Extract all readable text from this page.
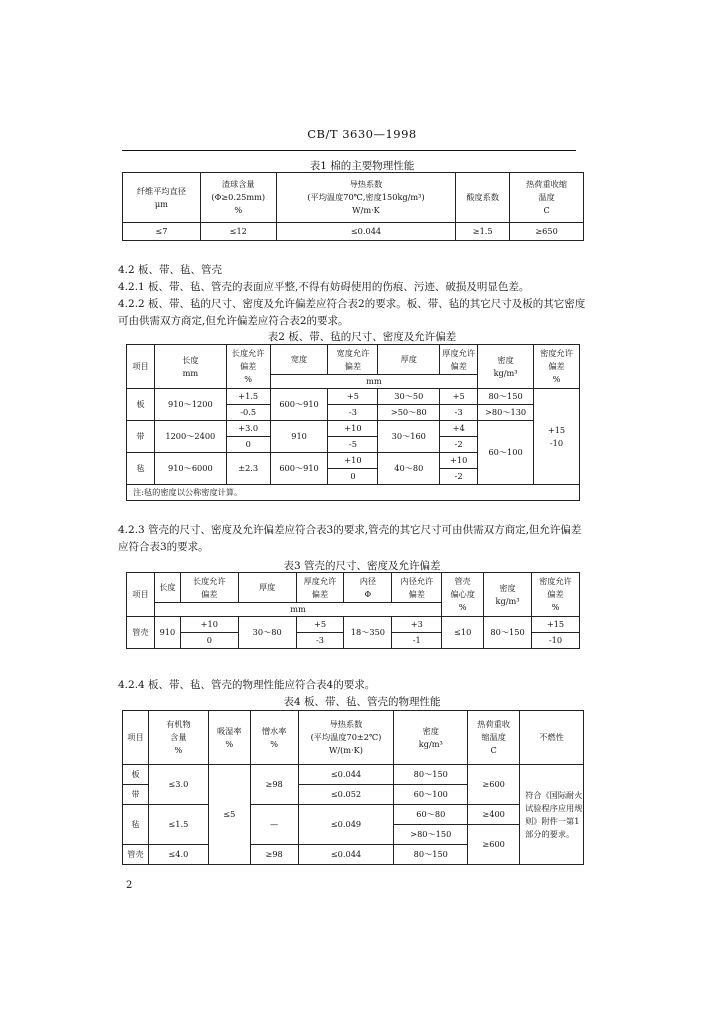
CB/T 3630—1998
表1 棉的主要物理性能
纤维平均直径
μm	渣球含量
(Φ≥0.25mm)
%	导热系数
(平均温度70℃,密度150kg/m³)
W/m·K	酸度系数	热荷重收缩
温度
C

≤7	≤12	≤0.044	≥1.5	≥650
4.2 板、带、毡、管壳
4.2.1 板、带、毡、管壳的表面应平整,不得有妨碍使用的伤痕、污迹、破损及明显色差。
4.2.2 板、带、毡的尺寸、密度及允许偏差应符合表2的要求。板、带、毡的其它尺寸及板的其它密度可由供需双方商定,但允许偏差应符合表2的要求。
表2 板、带、毡的尺寸、密度及允许偏差
项目	长度
mm	长度允许
偏差
%	宽度	宽度允许
偏差	厚度	厚度允许
偏差	密度
kg/m³	密度允许
偏差
%

			mm					
板	910～1200	+1.5	600～910	+5	30～50	+5	80～150	+15
-10

		-0.5		-3	>50～80	-3	>80～130	
带	1200～2400	+3.0	910	+10	30～160	+4	60～100	
		0		-5		-2		
毡	910～6000	±2.3	600～910	+10	40～80	+10		
				0		-2		
注:毡的密度以公称密度计算。								
4.2.3 管壳的尺寸、密度及允许偏差应符合表3的要求,管壳的其它尺寸可由供需双方商定,但允许偏差应符合表3的要求。
表3 管壳的尺寸、密度及允许偏差
项目	长度	长度允许
偏差	厚度	厚度允许
偏差	内径
Φ	内径允许
偏差	管壳
偏心度
%	密度
kg/m³	密度允许
偏差
%

	mm								
管壳	910	+10	30～80	+5	18～350	+3	≤10	80～150	+15
		0		-3		-1			-10
4.2.4 板、带、毡、管壳的物理性能应符合表4的要求。
表4 板、带、毡、管壳的物理性能
项目	有机物
含量
%	吸湿率
%	憎水率
%	导热系数
(平均温度70±2℃)
W/(m·K)	密度
kg/m³	热荷重收
缩温度
C	不燃性
板	≤3.0	≤5	≥98	≤0.044	80～150	≥600	符合《国际耐火试验程序应用规则》附件一第1部分的要求。
带				≤0.052	60～100		
毡	≤1.5		—	≤0.049	60～80	≥400	
					>80～150	≥600	
管壳	≤4.0		≥98	≤0.044	80～150		
2
